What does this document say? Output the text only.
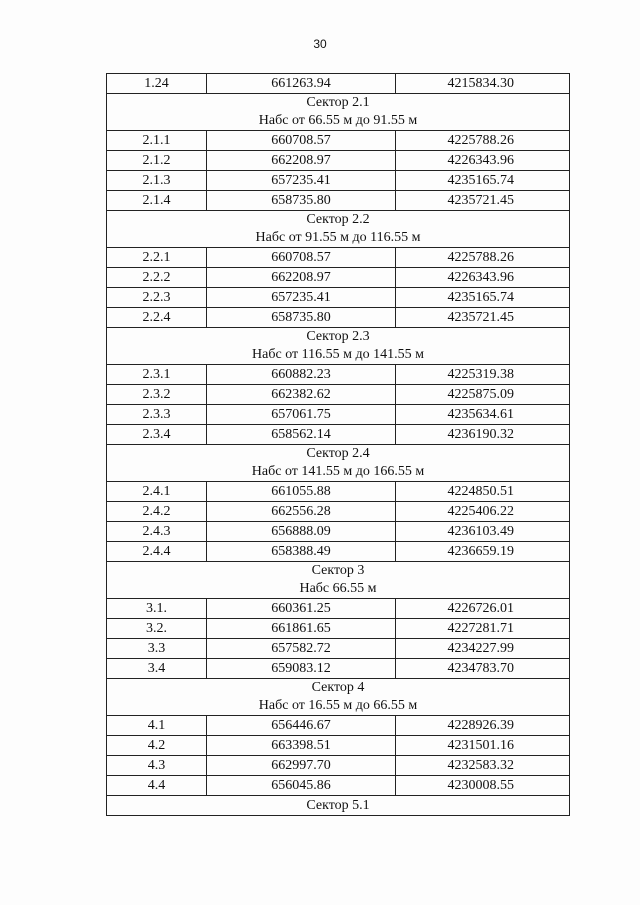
30
1.24	661263.94	4215834.30

Сектор 2.1
Набс от 66.55 м до 91.55 м		

2.1.1	660708.57	4225788.26
2.1.2	662208.97	4226343.96
2.1.3	657235.41	4235165.74
2.1.4	658735.80	4235721.45

Сектор 2.2
Набс от 91.55 м до 116.55 м		

2.2.1	660708.57	4225788.26
2.2.2	662208.97	4226343.96
2.2.3	657235.41	4235165.74
2.2.4	658735.80	4235721.45

Сектор 2.3
Набс от 116.55 м до 141.55 м		

2.3.1	660882.23	4225319.38
2.3.2	662382.62	4225875.09
2.3.3	657061.75	4235634.61
2.3.4	658562.14	4236190.32

Сектор 2.4
Набс от 141.55 м до 166.55 м		

2.4.1	661055.88	4224850.51
2.4.2	662556.28	4225406.22
2.4.3	656888.09	4236103.49
2.4.4	658388.49	4236659.19

Сектор 3
Набс 66.55 м		

3.1.	660361.25	4226726.01
3.2.	661861.65	4227281.71
3.3	657582.72	4234227.99
3.4	659083.12	4234783.70

Сектор 4
Набс от 16.55 м до 66.55 м		

4.1	656446.67	4228926.39
4.2	663398.51	4231501.16
4.3	662997.70	4232583.32
4.4	656045.86	4230008.55

Сектор 5.1		
